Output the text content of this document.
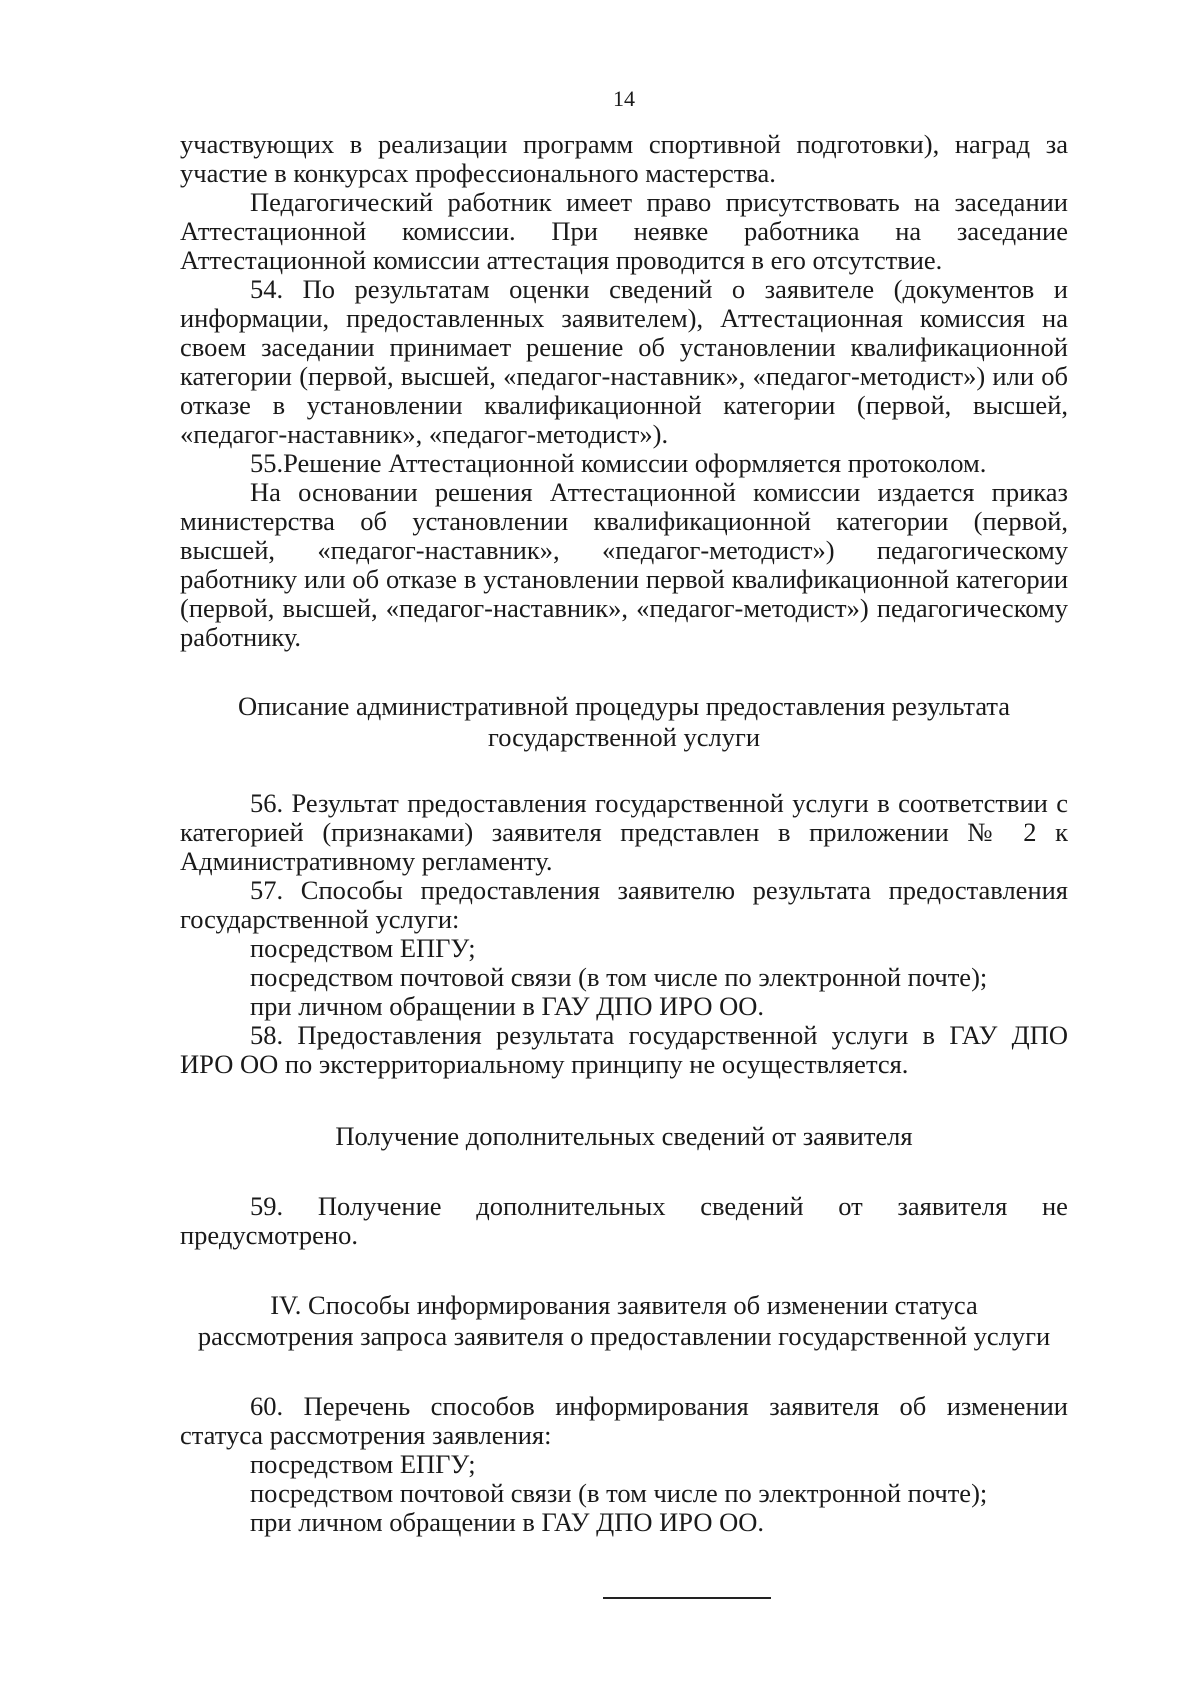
14

участвующих в реализации программ спортивной подготовки), наград за участие в конкурсах профессионального мастерства.

Педагогический работник имеет право присутствовать на заседании Аттестационной комиссии. При неявке работника на заседание Аттестационной комиссии аттестация проводится в его отсутствие.

54. По результатам оценки сведений о заявителе (документов и информации, предоставленных заявителем), Аттестационная комиссия на своем заседании принимает решение об установлении квалификационной категории (первой, высшей, «педагог-наставник», «педагог-методист») или об отказе в установлении квалификационной категории (первой, высшей, «педагог-наставник», «педагог-методист»).

55.Решение Аттестационной комиссии оформляется протоколом.

На основании решения Аттестационной комиссии издается приказ министерства об установлении квалификационной категории (первой, высшей, «педагог-наставник», «педагог-методист») педагогическому работнику или об отказе в установлении первой квалификационной категории (первой, высшей, «педагог-наставник», «педагог-методист») педагогическому работнику.

Описание административной процедуры предоставления результата
государственной услуги

56. Результат предоставления государственной услуги в соответствии с категорией (признаками) заявителя представлен в приложении № 2 к Административному регламенту.

57. Способы предоставления заявителю результата предоставления государственной услуги:

посредством ЕПГУ;

посредством почтовой связи (в том числе по электронной почте);

при личном обращении в ГАУ ДПО ИРО ОО.

58. Предоставления результата государственной услуги в ГАУ ДПО ИРО ОО по экстерриториальному принципу не осуществляется.

Получение дополнительных сведений от заявителя
59. Получение дополнительных сведений от заявителя не

предусмотрено.

IV. Способы информирования заявителя об изменении статуса
рассмотрения запроса заявителя о предоставлении государственной услуги

60. Перечень способов информирования заявителя об изменении статуса рассмотрения заявления:

посредством ЕПГУ;

посредством почтовой связи (в том числе по электронной почте);

при личном обращении в ГАУ ДПО ИРО ОО.
